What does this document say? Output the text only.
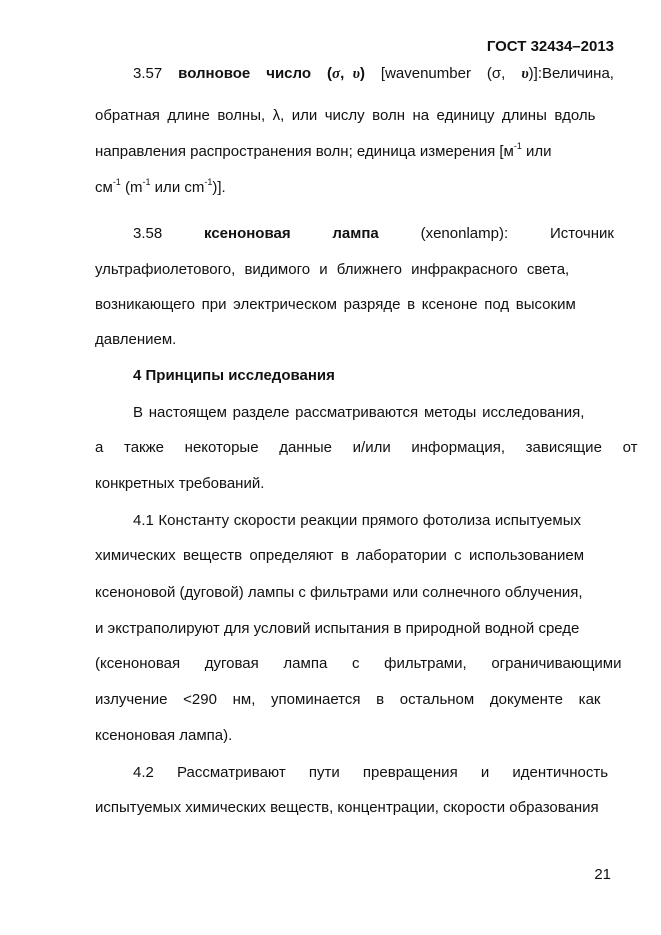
ГОСТ 32434–2013
3.57 волновое число (σ, υ) [wavenumber (σ, υ)]:Величина,
обратная длине волны, λ, или числу волн на единицу длины вдоль
направления распространения волн; единица измерения [$м^{-1}$ или
$см^{-1}$ ($m^{-1}$ или $cm^{-1}$)].
3.58	ксеноновая	лампа	(xenonlamp):	Источник
ультрафиолетового, видимого и ближнего инфракрасного света,
возникающего при электрическом разряде в ксеноне под высоким
давлением.
4 Принципы исследования
В настоящем разделе рассматриваются методы исследования,
а также некоторые данные и/или информация, зависящие от
конкретных требований.
4.1 Константу скорости реакции прямого фотолиза испытуемых
химических веществ определяют в лаборатории с использованием
ксеноновой (дуговой) лампы с фильтрами или солнечного облучения,
и экстраполируют для условий испытания в природной водной среде
(ксеноновая дуговая лампа с фильтрами, ограничивающими
излучение <290 нм, упоминается в остальном документе как
ксеноновая лампа).
4.2 Рассматривают пути превращения и идентичность
испытуемых химических веществ, концентрации, скорости образования
21
